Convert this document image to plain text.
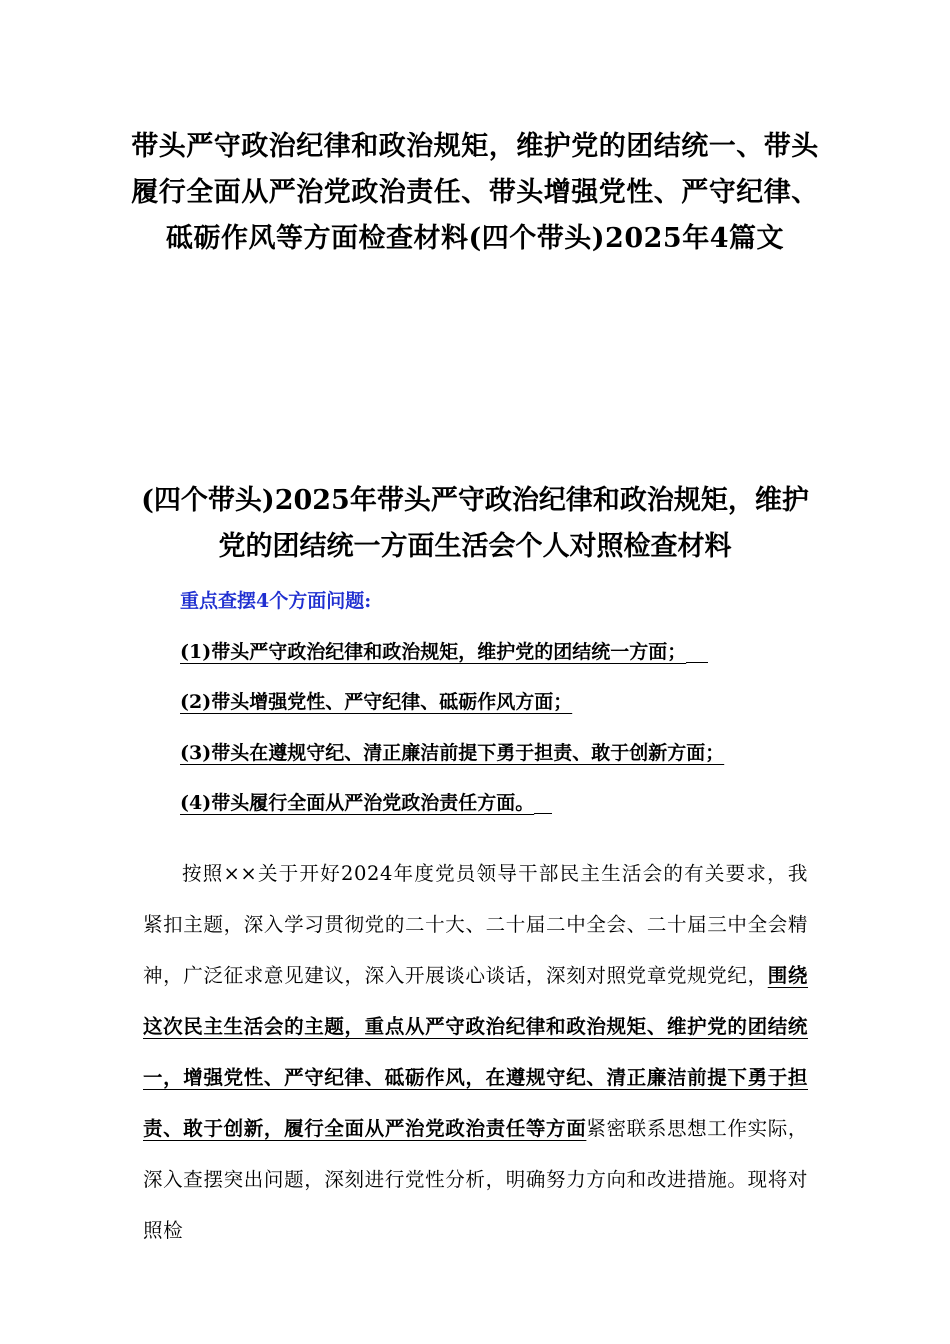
带头严守政治纪律和政治规矩，维护党的团结统一、带头履行全面从严治党政治责任、带头增强党性、严守纪律、砥砺作风等方面检查材料(四个带头)2025年4篇文
(四个带头)2025年带头严守政治纪律和政治规矩，维护党的团结统一方面生活会个人对照检查材料
重点查摆4个方面问题:
(1)带头严守政治纪律和政治规矩，维护党的团结统一方面；
(2)带头增强党性、严守纪律、砥砺作风方面；
(3)带头在遵规守纪、清正廉洁前提下勇于担责、敢于创新方面；
(4)带头履行全面从严治党政治责任方面。

按照××关于开好2024年度党员领导干部民主生活会的有关要求，我紧扣主题，深入学习贯彻党的二十大、二十届二中全会、二十届三中全会精神，广泛征求意见建议，深入开展谈心谈话，深刻对照党章党规党纪，围绕这次民主生活会的主题，重点从严守政治纪律和政治规矩、维护党的团结统一，增强党性、严守纪律、砥砺作风，在遵规守纪、清正廉洁前提下勇于担责、敢于创新，履行全面从严治党政治责任等方面紧密联系思想工作实际，深入查摆突出问题，深刻进行党性分析，明确努力方向和改进措施。现将对照检
